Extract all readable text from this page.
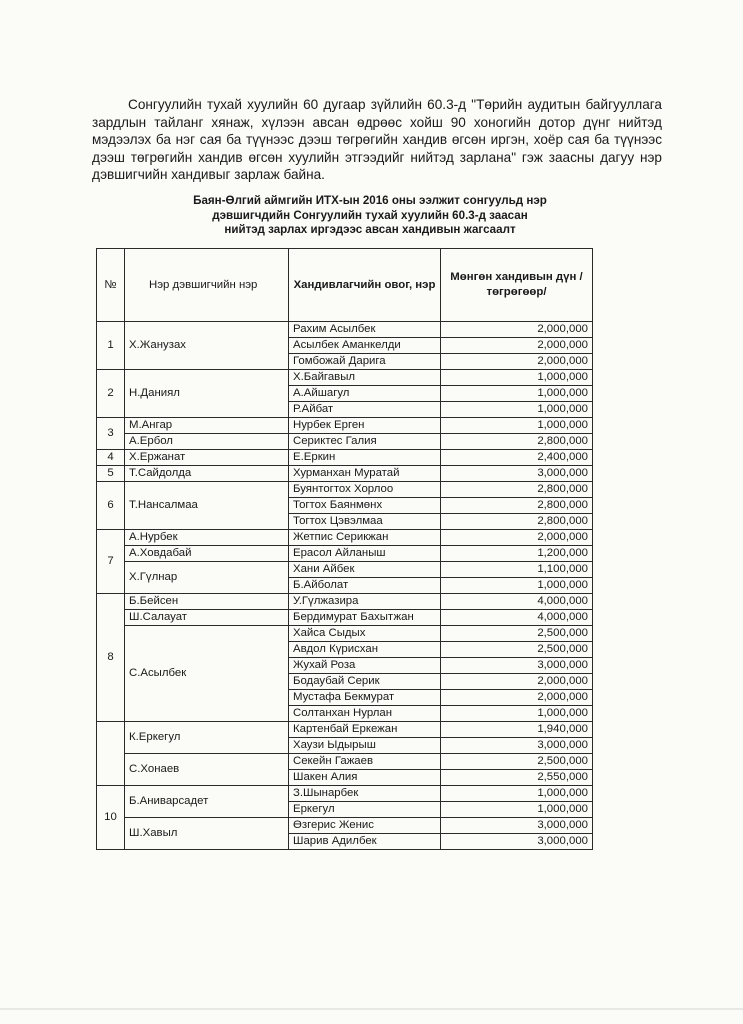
Сонгуулийн тухай хуулийн 60 дугаар зүйлийн 60.3-д "Төрийн аудитын байгууллага зардлын тайланг хянаж, хүлээн авсан өдрөөс хойш 90 хоногийн дотор дүнг нийтэд мэдээлэх ба нэг сая ба түүнээс дээш төгрөгийн хандив өгсөн иргэн, хоёр сая ба түүнээс дээш төгрөгийн хандив өгсөн хуулийн этгээдийг нийтэд зарлана" гэж заасны дагуу нэр дэвшигчийн хандивыг зарлаж байна.

Баян-Өлгий аймгийн ИТХ-ын 2016 оны ээлжит сонгуульд нэр
дэвшигчдийн Сонгуулийн тухай хуулийн 60.3-д заасан
нийтэд зарлах иргэдээс авсан хандивын жагсаалт
№	Нэр дэвшигчийн нэр	Хандивлагчийн овог, нэр	Мөнгөн хандивын дүн /төгрөгөөр/
1	Х.Жанузах	Рахим Асылбек	2,000,000
		Асылбек Аманкелди	2,000,000
		Гомбожай Дарига	2,000,000
2	Н.Даниял	Х.Байгавыл	1,000,000
		А.Айшагул	1,000,000
		Р.Айбат	1,000,000
3	М.Ангар	Нурбек Ерген	1,000,000
	А.Ербол	Сериктес Галия	2,800,000
4	Х.Ержанат	Е.Еркин	2,400,000
5	Т.Сайдолда	Хурманхан Муратай	3,000,000
6	Т.Нансалмаа	Буянтогтох Хорлоо	2,800,000
		Тогтох Баянмөнх	2,800,000
		Тогтох Цэвэлмаа	2,800,000
7	А.Нурбек	Жетпис Серикжан	2,000,000
	А.Ховдабай	Ерасол Айланыш	1,200,000
	Х.Гүлнар	Хани Айбек	1,100,000
		Б.Айболат	1,000,000
8	Б.Бейсен	У.Гүлжазира	4,000,000
	Ш.Салауат	Бердимурат Бахытжан	4,000,000
	С.Асылбек	Хайса Сыдых	2,500,000
		Авдол Күрисхан	2,500,000
		Жухай Роза	3,000,000
		Бодаубай Серик	2,000,000
		Мустафа Бекмурат	2,000,000
		Солтанхан Нурлан	1,000,000
	К.Еркегул	Картенбай Еркежан	1,940,000
		Хаузи Ыдырыш	3,000,000
	С.Хонаев	Секейн Гажаев	2,500,000
		Шакен Алия	2,550,000
10	Б.Аниварсадет	З.Шынарбек	1,000,000
		Еркегул	1,000,000
	Ш.Хавыл	Өзгерис Женис	3,000,000
		Шарив Адилбек	3,000,000
